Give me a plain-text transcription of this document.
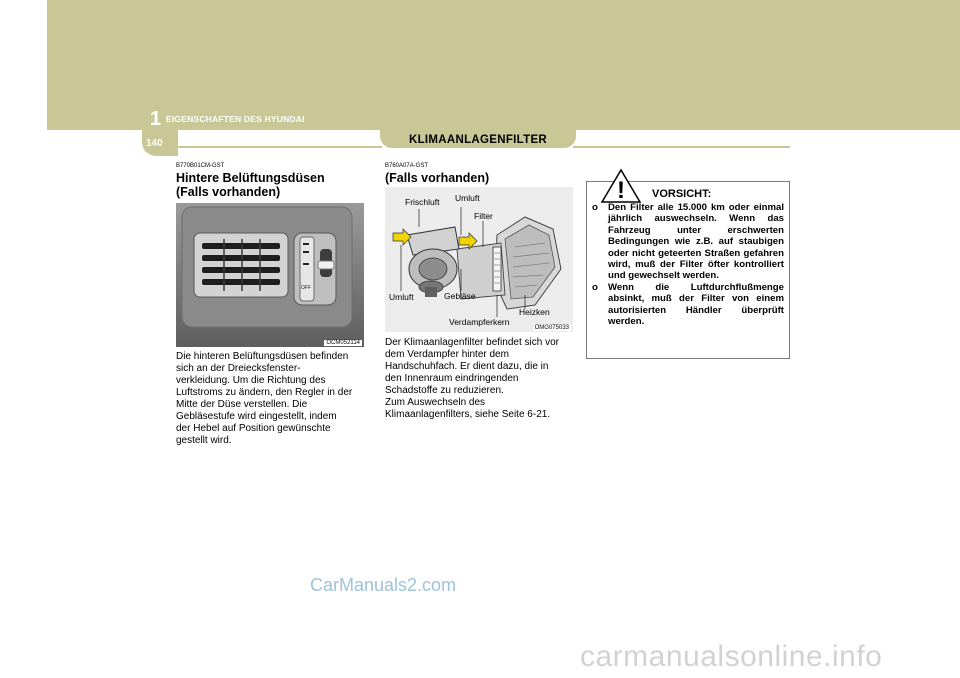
1 EIGENSCHAFTEN DES HYUNDAI
140	KLIMAANLAGENFILTER
B770B01CM-GST
Hintere Belüftungsdüsen
(Falls vorhanden)
OFF
OCM052114
Die hinteren Belüftungsdüsen befinden
sich an der Dreiecksfenster-
verkleidung. Um die Richtung des
Luftstroms zu ändern, den Regler in der
Mitte der Düse verstellen. Die
Gebläsestufe wird eingestellt, indem
der Hebel auf Position gewünschte
gestellt wird.
B760A07A-GST
(Falls vorhanden)
Frischluft Umluft
Filter
Umluft	Gebläse
Heizken
Verdampferkern
OMG075033
Der Klimaanlagenfilter befindet sich vor
dem Verdampfer hinter dem
Handschuhfach. Er dient dazu, die in
den Innenraum eindringenden
Schadstoffe zu reduzieren.
Zum Auswechseln des
Klimaanlagenfilters, siehe Seite 6-21.
! VORSICHT:
o Den Filter alle 15.000 km oder einmal jährlich auswechseln. Wenn das Fahrzeug unter erschwerten Bedingungen wie z.B. auf staubigen oder nicht geteerten Straßen gefahren wird, muß der Filter öfter kontrolliert und gewechselt werden.
o Wenn die Luftdurchflußmenge absinkt, muß der Filter von einem autorisierten Händler überprüft werden.
CarManuals2.com
carmanualsonline.info
